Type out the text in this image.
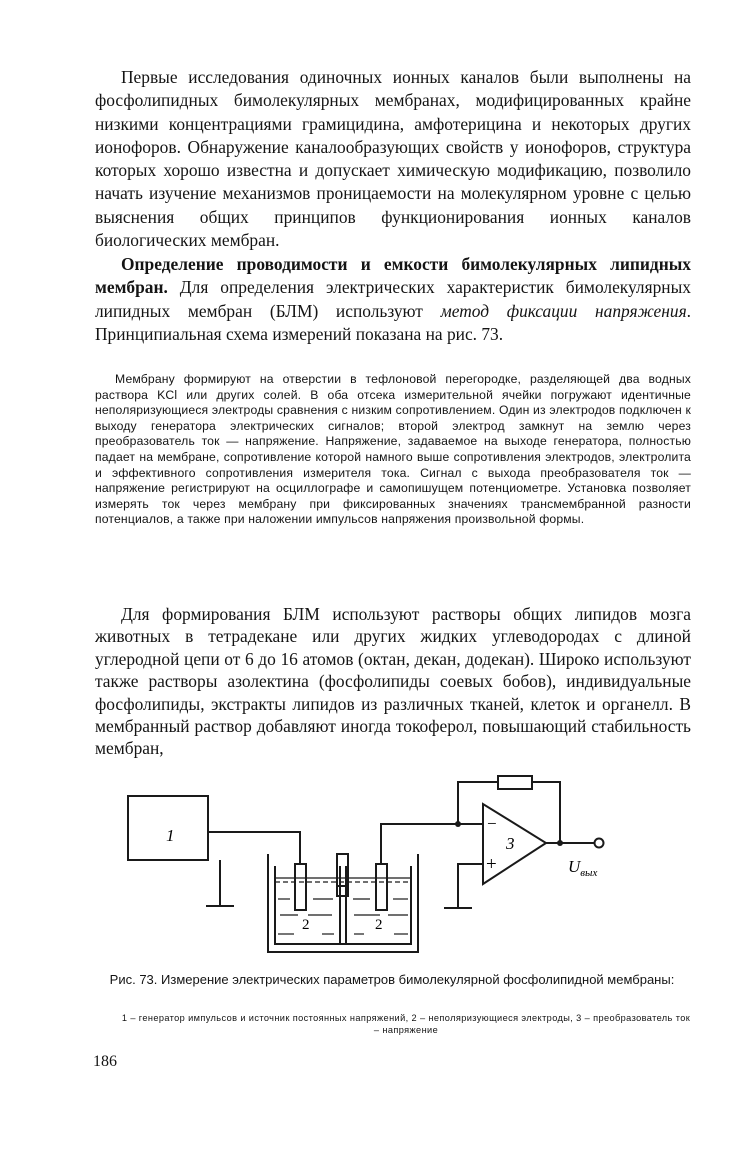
Первые исследования одиночных ионных каналов были выполнены на фосфолипидных бимолекулярных мембранах, модифицированных крайне низкими концентрациями грамицидина, амфотерицина и некоторых других ионофоров. Обнаружение каналообразующих свойств у ионофоров, структура которых хорошо известна и допускает химическую модификацию, позволило начать изучение механизмов проницаемости на молекулярном уровне с целью выяснения общих принципов функционирования ионных каналов биологических мембран.

Определение проводимости и емкости бимолекулярных липидных мембран. Для определения электрических характеристик бимолекулярных липидных мембран (БЛМ) используют метод фиксации напряжения. Принципиальная схема измерений показана на рис. 73.

Мембрану формируют на отверстии в тефлоновой перегородке, разделяющей два водных раствора KCl или других солей. В оба отсека измерительной ячейки погружают идентичные неполяризующиеся электроды сравнения с низким сопротивлением. Один из электродов подключен к выходу генератора электрических сигналов; второй электрод замкнут на землю через преобразователь ток — напряжение. Напряжение, задаваемое на выходе генератора, полностью падает на мембране, сопротивление которой намного выше сопротивления электродов, электролита и эффективного сопротивления измерителя тока. Сигнал с выхода преобразователя ток — напряжение регистрируют на осциллографе и самопишущем потенциометре. Установка позволяет измерять ток через мембрану при фиксированных значениях трансмембранной разности потенциалов, а также при наложении импульсов напряжения произвольной формы.

Для формирования БЛМ используют растворы общих липидов мозга животных в тетрадекане или других жидких углеводородах с длиной углеродной цепи от 6 до 16 атомов (октан, декан, додекан). Широко используют также растворы азолектина (фосфолипиды соевых бобов), индивидуальные фосфолипиды, экстракты липидов из различных тканей, клеток и органелл. В мембранный раствор добавляют иногда токоферол, повышающий стабильность мембран,

1
2	2
3
−
+	$U_{вых}$

Рис. 73. Измерение электрических параметров бимолекулярной фосфолипидной мембраны:

1 – генератор импульсов и источник постоянных напряжений, 2 – неполяризующиеся электроды, 3 – преобразователь ток – напряжение

186
